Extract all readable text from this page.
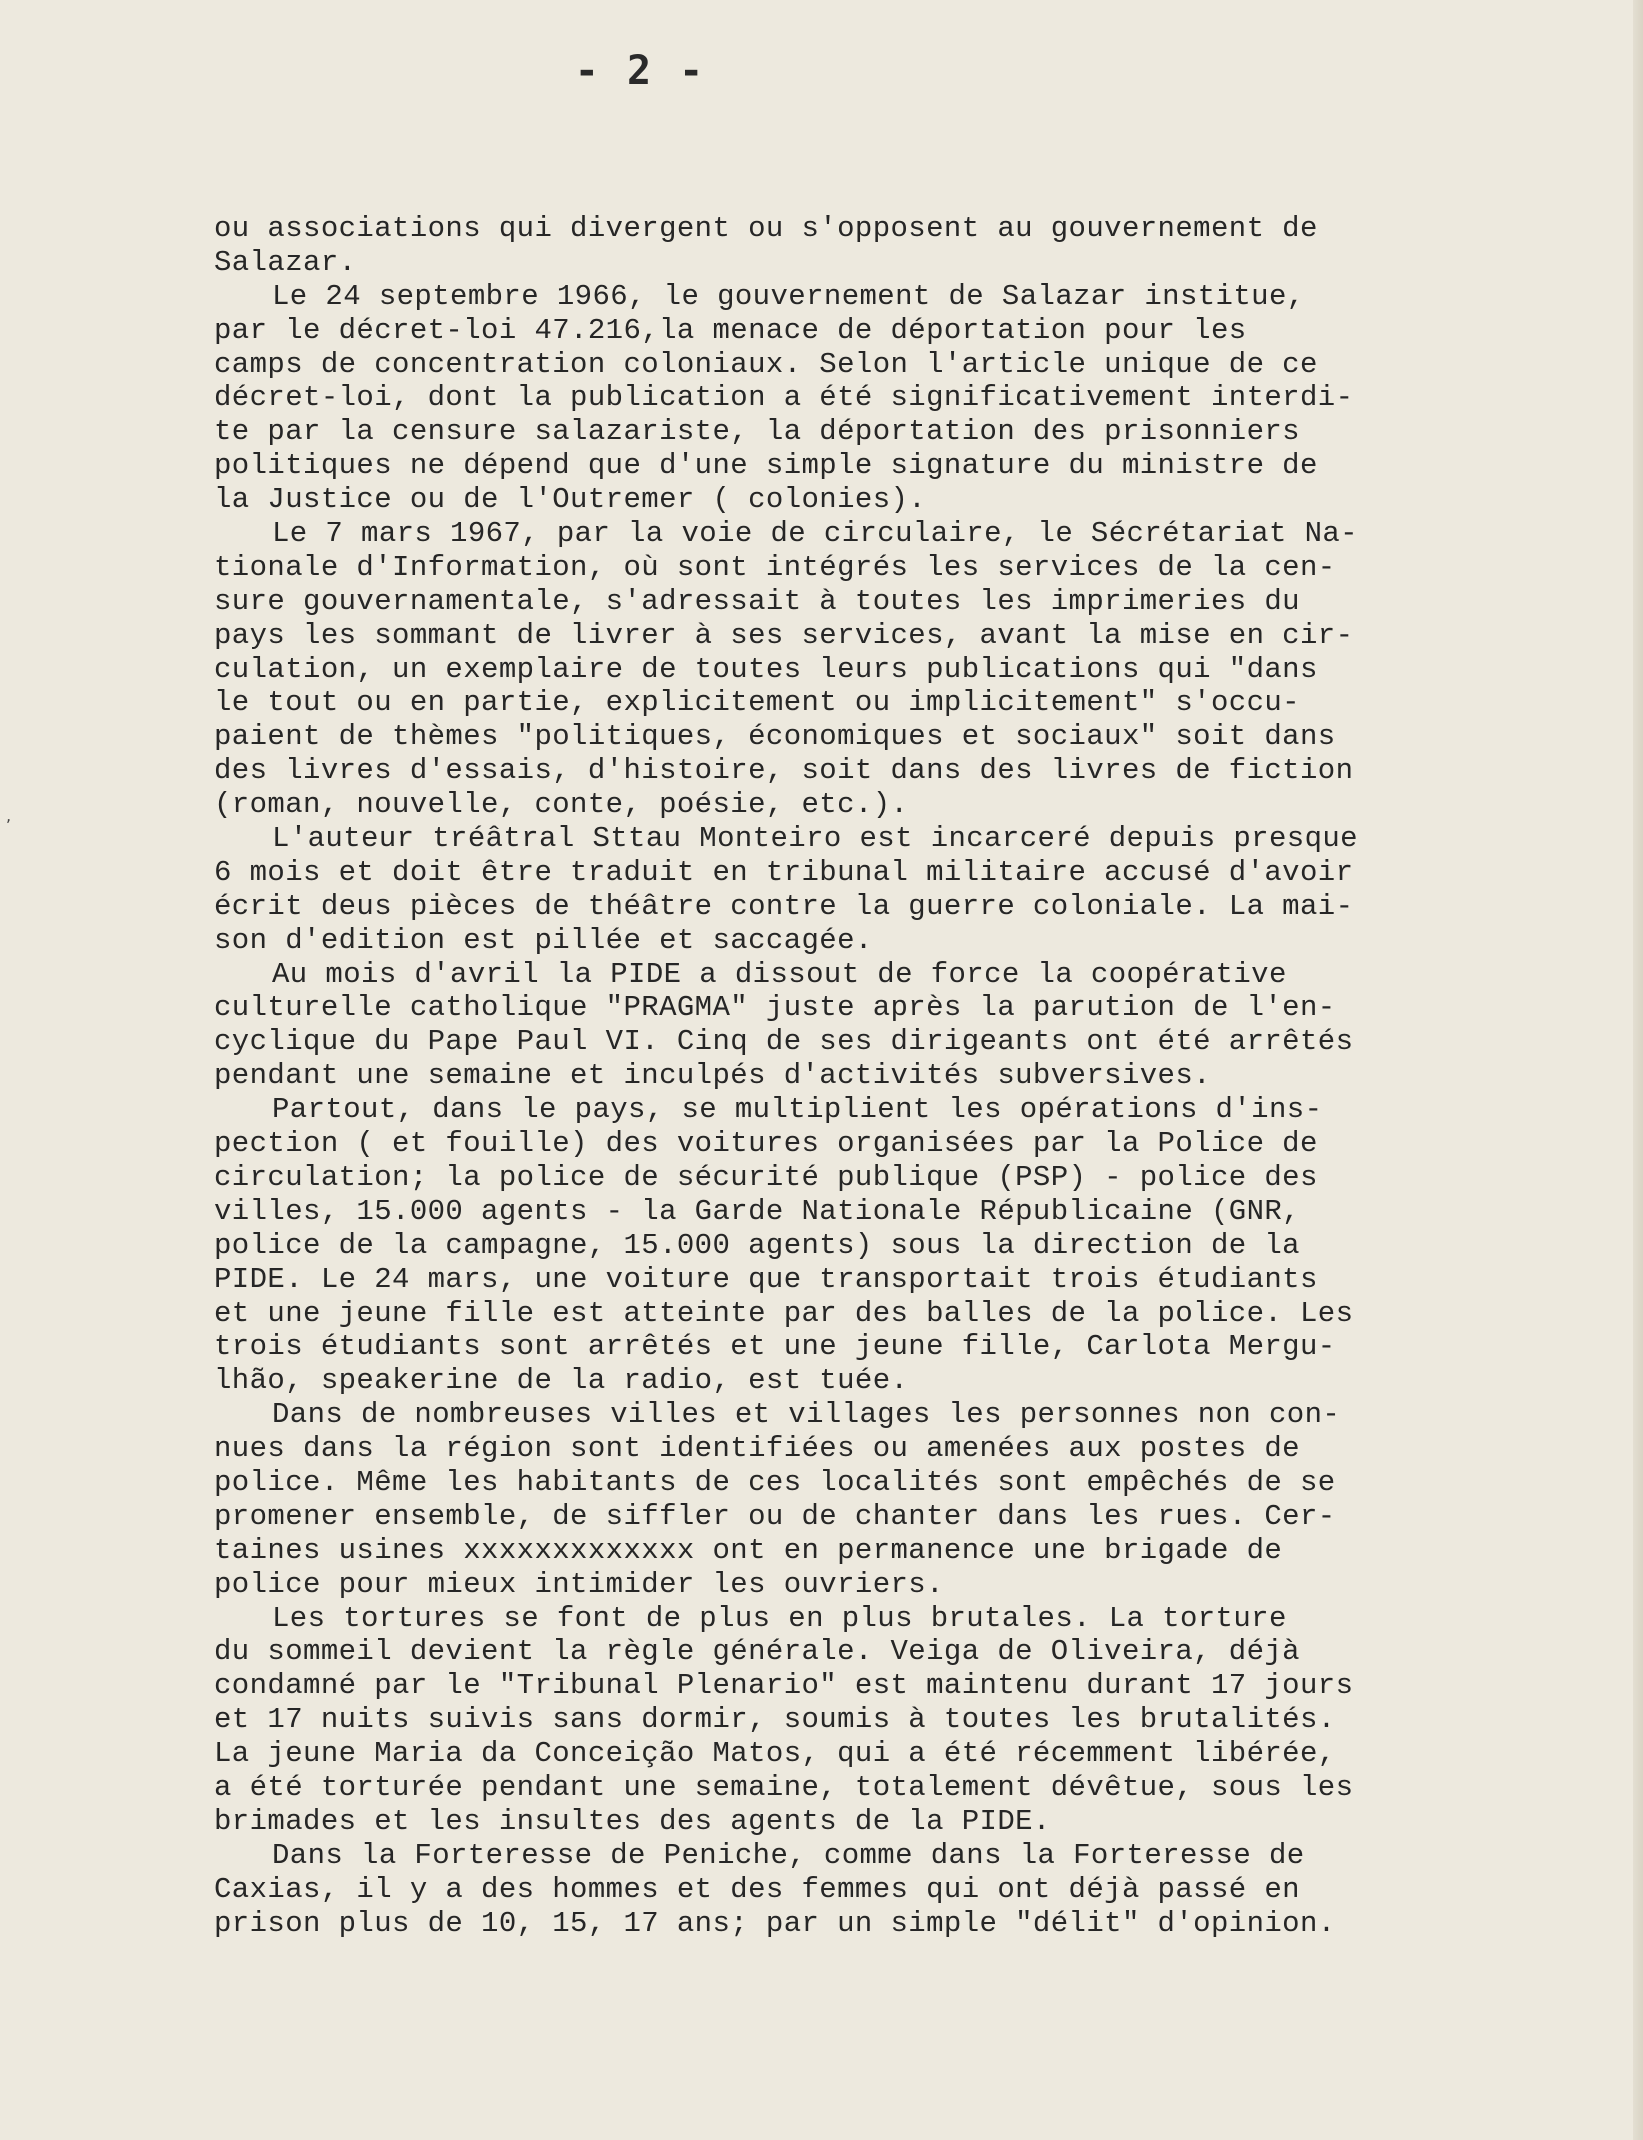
,
- 2 -
ou associations qui divergent ou s'opposent au gouvernement de
Salazar.
Le 24 septembre 1966, le gouvernement de Salazar institue,
par le décret-loi 47.216,la menace de déportation pour les
camps de concentration coloniaux. Selon l'article unique de ce
décret-loi, dont la publication a été significativement interdi-
te par la censure salazariste, la déportation des prisonniers
politiques ne dépend que d'une simple signature du ministre de
la Justice ou de l'Outremer ( colonies).
Le 7 mars 1967, par la voie de circulaire, le Sécrétariat Na-
tionale d'Information, où sont intégrés les services de la cen-
sure gouvernamentale, s'adressait à toutes les imprimeries du
pays les sommant de livrer à ses services, avant la mise en cir-
culation, un exemplaire de toutes leurs publications qui "dans
le tout ou en partie, explicitement ou implicitement" s'occu-
paient de thèmes "politiques, économiques et sociaux" soit dans
des livres d'essais, d'histoire, soit dans des livres de fiction
(roman, nouvelle, conte, poésie, etc.).
L'auteur tréâtral Sttau Monteiro est incarceré depuis presque
6 mois et doit être traduit en tribunal militaire accusé d'avoir
écrit deus pièces de théâtre contre la guerre coloniale. La mai-
son d'edition est pillée et saccagée.
Au mois d'avril la PIDE a dissout de force la coopérative
culturelle catholique "PRAGMA" juste après la parution de l'en-
cyclique du Pape Paul VI. Cinq de ses dirigeants ont été arrêtés
pendant une semaine et inculpés d'activités subversives.
Partout, dans le pays, se multiplient les opérations d'ins-
pection ( et fouille) des voitures organisées par la Police de
circulation; la police de sécurité publique (PSP) - police des
villes, 15.000 agents - la Garde Nationale Républicaine (GNR,
police de la campagne, 15.000 agents) sous la direction de la
PIDE. Le 24 mars, une voiture que transportait trois étudiants
et une jeune fille est atteinte par des balles de la police. Les
trois étudiants sont arrêtés et une jeune fille, Carlota Mergu-
lhão, speakerine de la radio, est tuée.
Dans de nombreuses villes et villages les personnes non con-
nues dans la région sont identifiées ou amenées aux postes de
police. Même les habitants de ces localités sont empêchés de se
promener ensemble, de siffler ou de chanter dans les rues. Cer-
taines usines xxxxxxxxxxxxx ont en permanence une brigade de
police pour mieux intimider les ouvriers.
Les tortures se font de plus en plus brutales. La torture
du sommeil devient la règle générale. Veiga de Oliveira, déjà
condamné par le "Tribunal Plenario" est maintenu durant 17 jours
et 17 nuits suivis sans dormir, soumis à toutes les brutalités.
La jeune Maria da Conceição Matos, qui a été récemment libérée,
a été torturée pendant une semaine, totalement dévêtue, sous les
brimades et les insultes des agents de la PIDE.
Dans la Forteresse de Peniche, comme dans la Forteresse de
Caxias, il y a des hommes et des femmes qui ont déjà passé en
prison plus de 10, 15, 17 ans; par un simple "délit" d'opinion.
